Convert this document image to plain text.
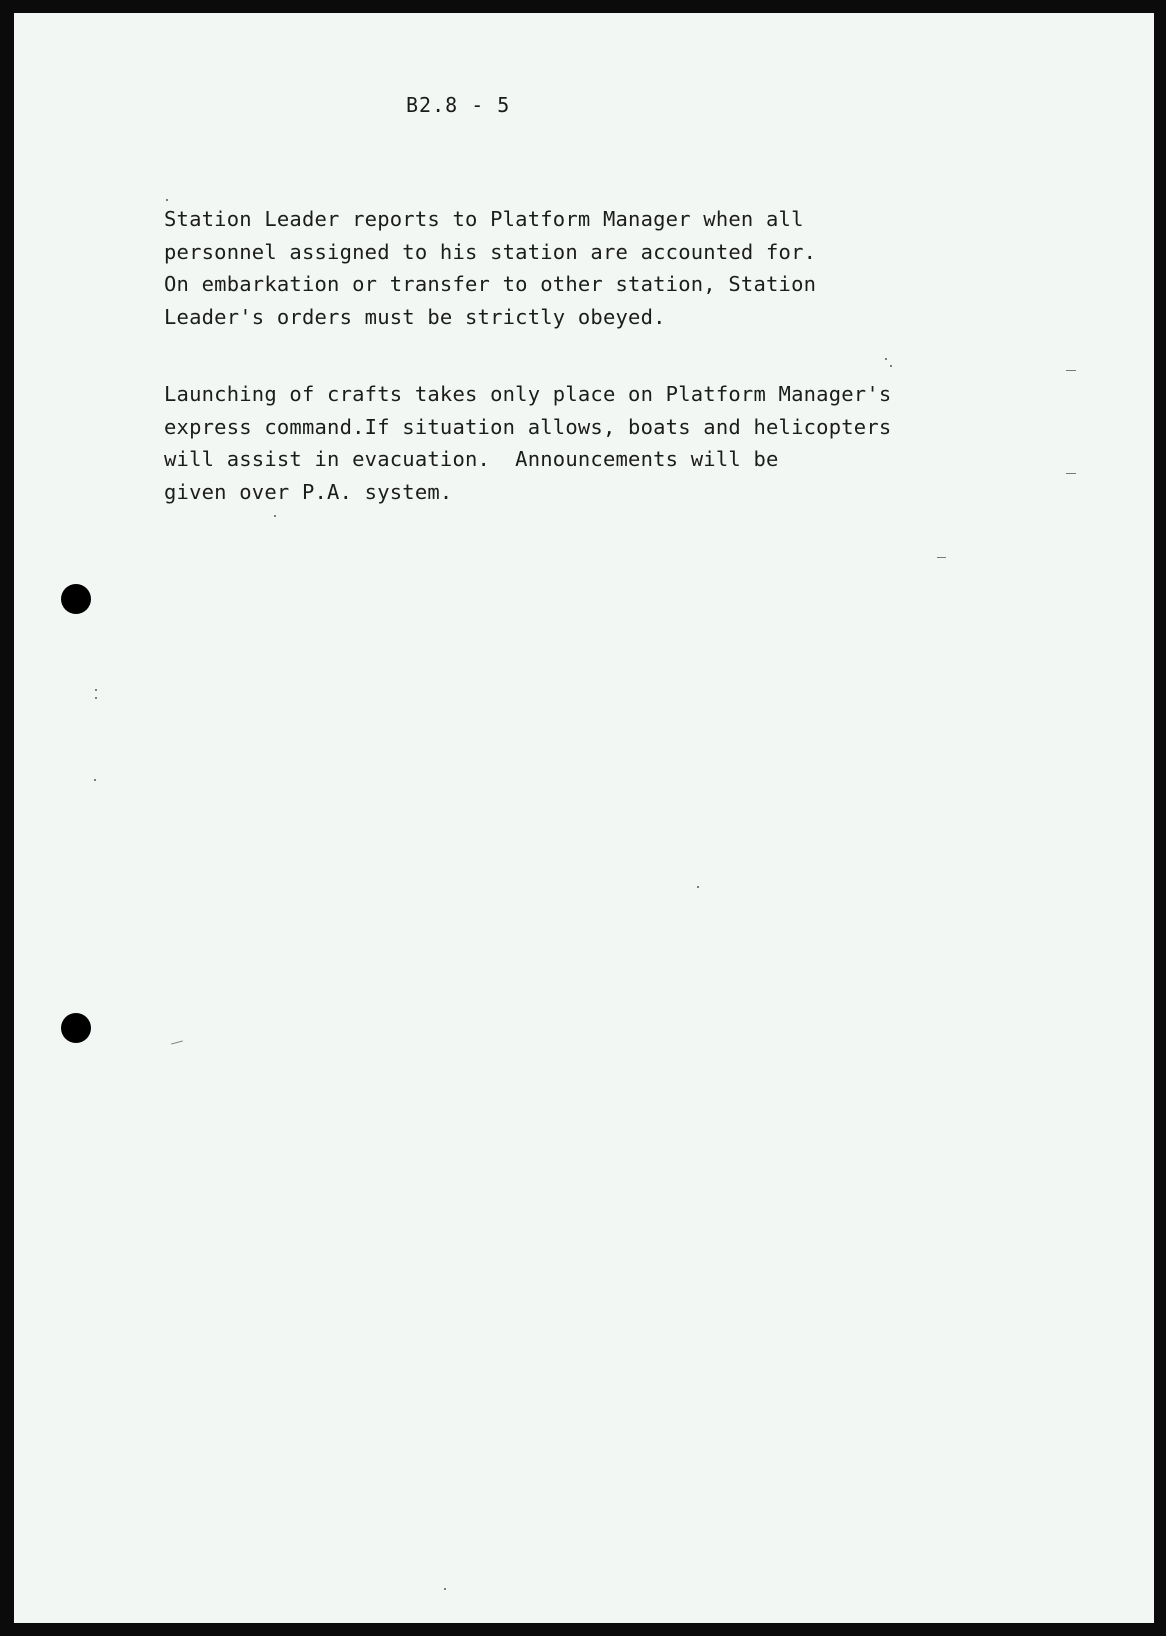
B2.8 - 5
Station Leader reports to Platform Manager when all
personnel assigned to his station are accounted for.
On embarkation or transfer to other station, Station
Leader's orders must be strictly obeyed.
Launching of crafts takes only place on Platform Manager's
express command.If situation allows, boats and helicopters
will assist in evacuation.  Announcements will be
given over P.A. system.
